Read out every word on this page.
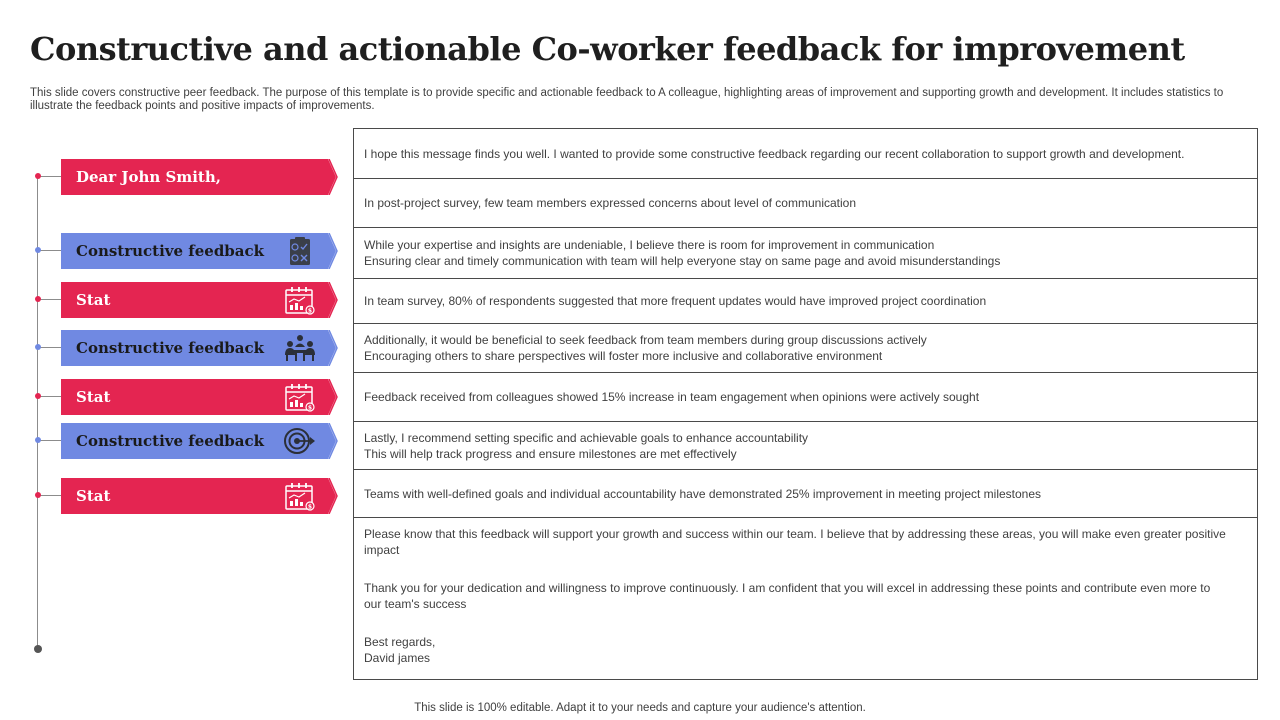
Constructive and actionable Co-worker feedback for improvement
This slide covers constructive peer feedback. The purpose of this template is to provide specific and actionable feedback to A colleague, highlighting areas of improvement and supporting growth and development. It includes statistics to illustrate the feedback points and positive impacts of improvements.
Dear John Smith,
Constructive feedback
Stat
$
Constructive feedback
Stat
$
Constructive feedback
Stat
$
I hope this message finds you well. I wanted to provide some constructive feedback regarding our recent collaboration to support growth and development.
In post-project survey, few team members expressed concerns about level of communication
While your expertise and insights are undeniable, I believe there is room for improvement in communication
Ensuring clear and timely communication with team will help everyone stay on same page and avoid misunderstandings
In team survey, 80% of respondents suggested that more frequent updates would have improved project coordination
Additionally, it would be beneficial to seek feedback from team members during group discussions actively
Encouraging others to share perspectives will foster more inclusive and collaborative environment
Feedback received from colleagues showed 15% increase in team engagement when opinions were actively sought
Lastly, I recommend setting specific and achievable goals to enhance accountability
This will help track progress and ensure milestones are met effectively
Teams with well-defined goals and individual accountability have demonstrated 25% improvement in meeting project milestones
Please know that this feedback will support your growth and success within our team. I believe that by addressing these areas, you will make even greater positive impact
Thank you for your dedication and willingness to improve continuously. I am confident that you will excel in addressing these points and contribute even more to our team's success
Best regards,
David james
This slide is 100% editable. Adapt it to your needs and capture your audience's attention.
